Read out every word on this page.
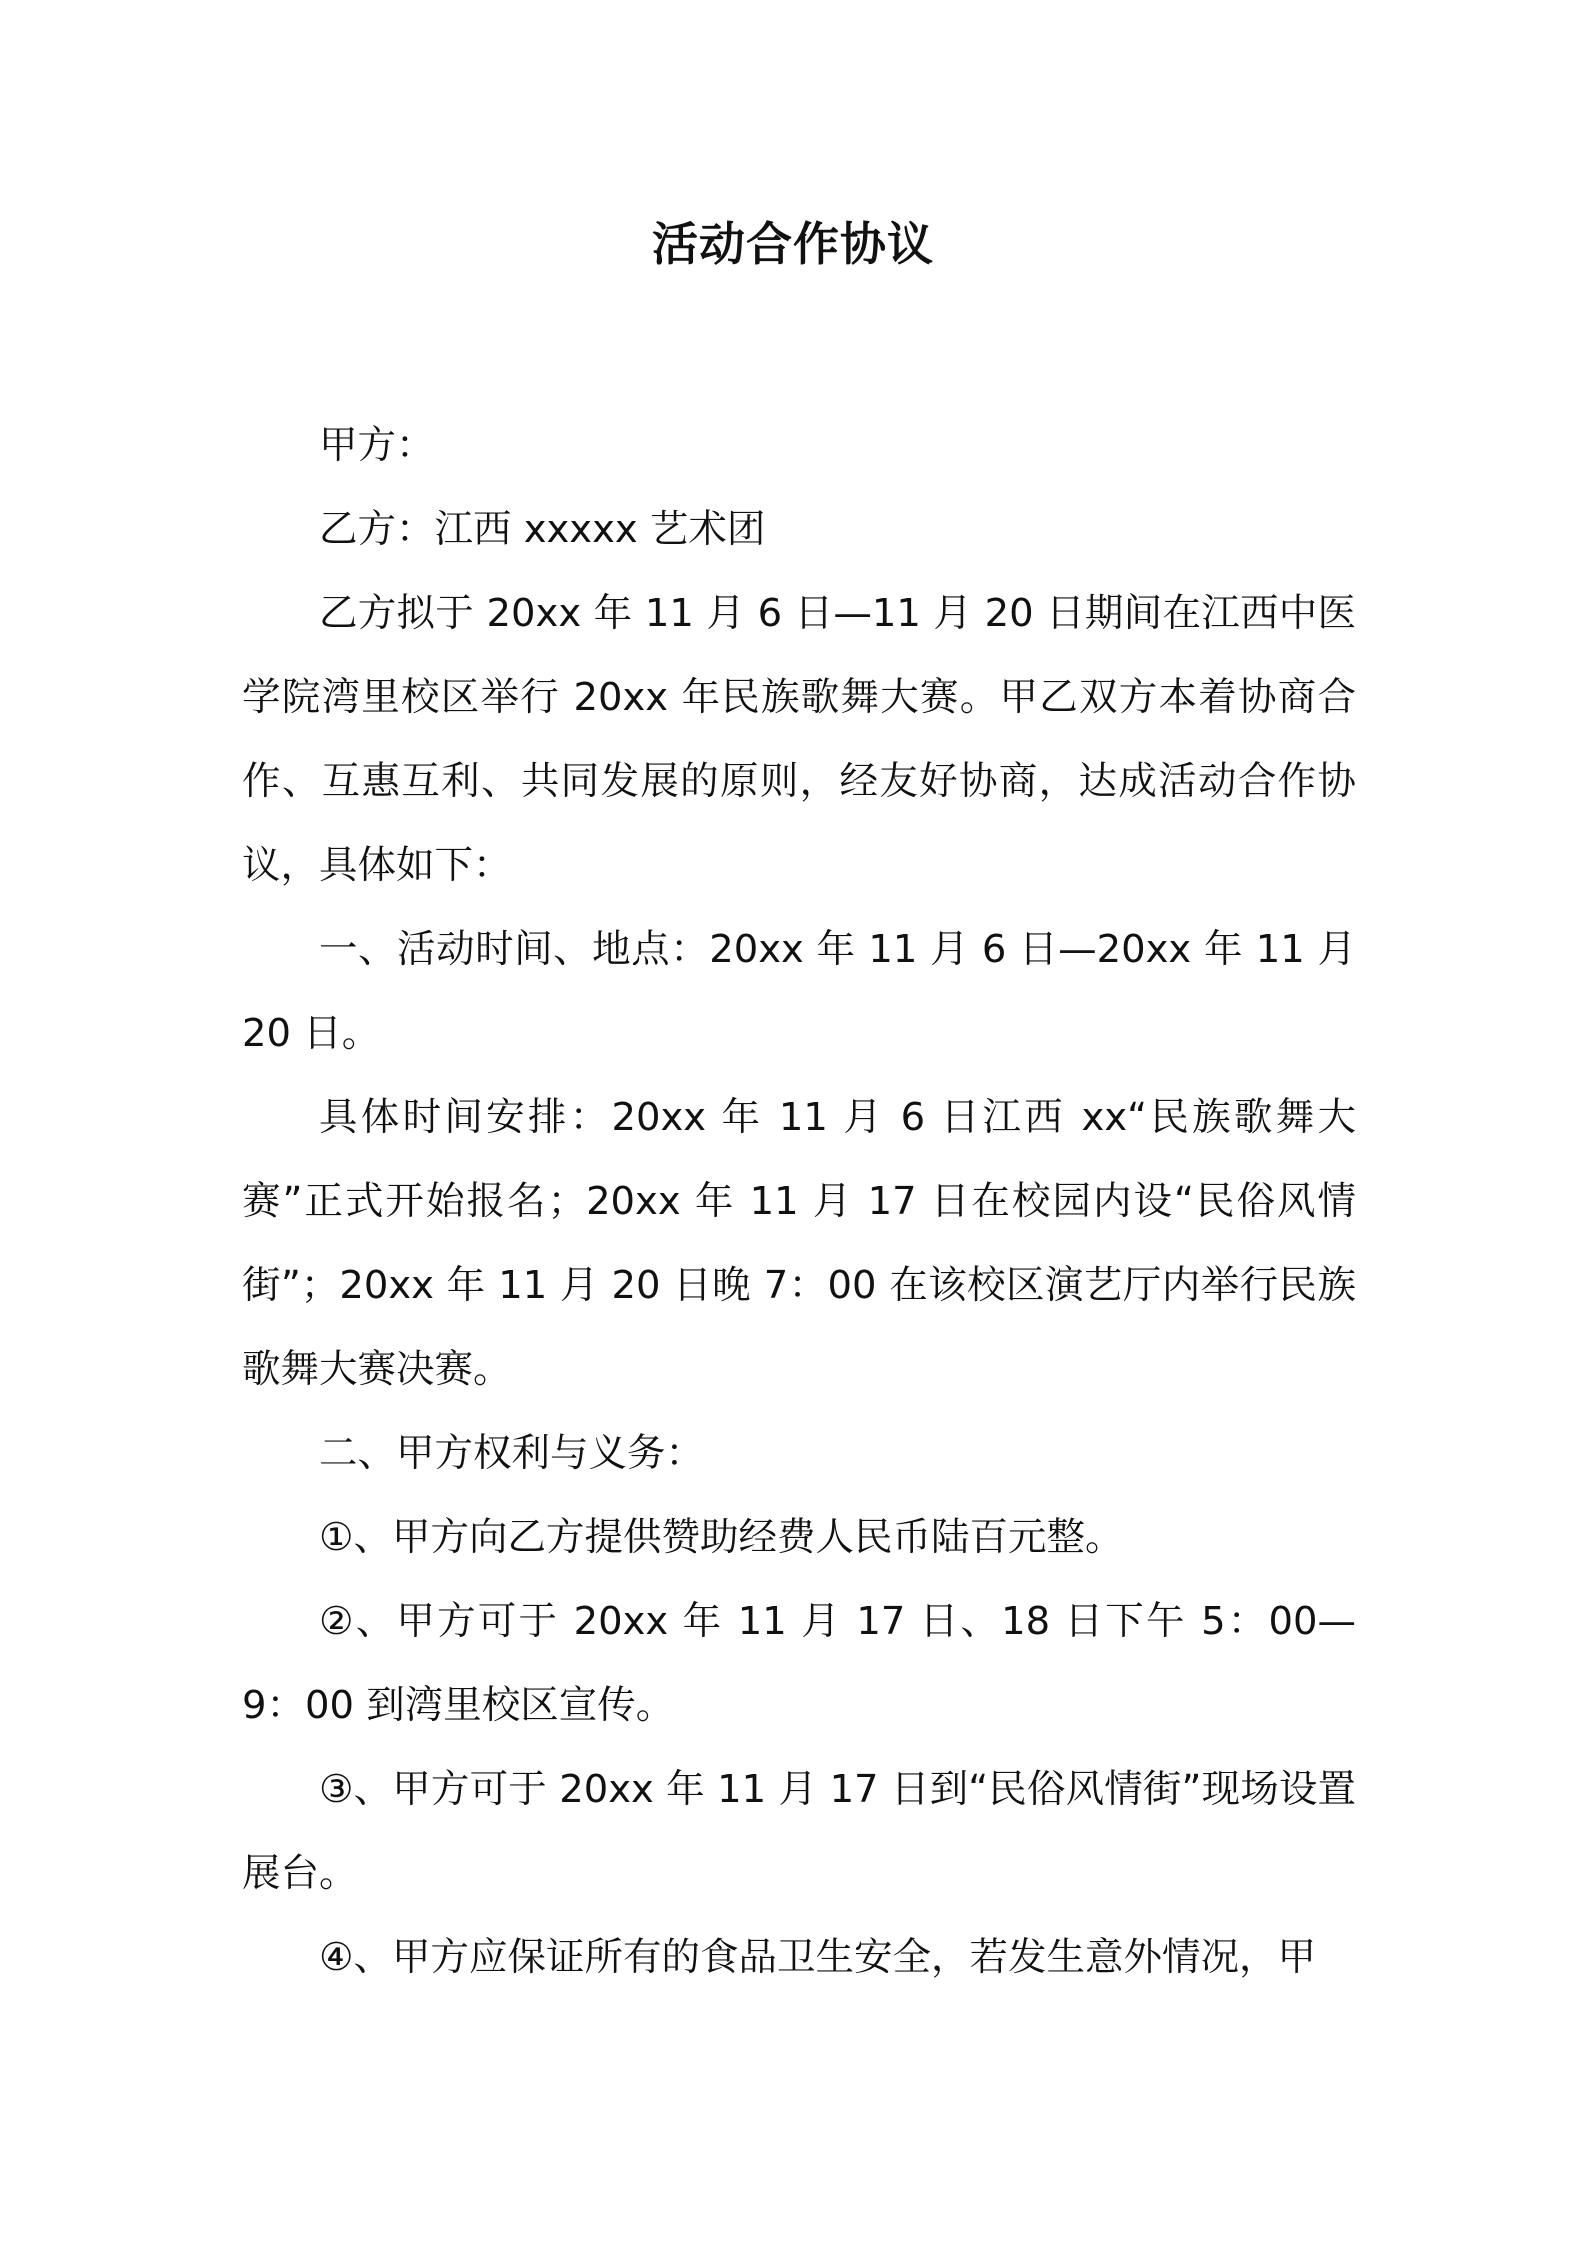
活动合作协议

甲方：

乙方：江西 xxxxx 艺术团

乙方拟于 20xx 年 11 月 6 日—11 月 20 日期间在江西中医学院湾里校区举行 20xx 年民族歌舞大赛。甲乙双方本着协商合作、互惠互利、共同发展的原则，经友好协商，达成活动合作协议，具体如下：

一、活动时间、地点：20xx 年 11 月 6 日—20xx 年 11 月 20 日。

具体时间安排：20xx 年 11 月 6 日江西 xx“民族歌舞大赛”正式开始报名；20xx 年 11 月 17 日在校园内设“民俗风情街”；20xx 年 11 月 20 日晚 7：00 在该校区演艺厅内举行民族歌舞大赛决赛。

二、甲方权利与义务：

①、甲方向乙方提供赞助经费人民币陆百元整。

②、甲方可于 20xx 年 11 月 17 日、18 日下午 5：00—9：00 到湾里校区宣传。

③、甲方可于 20xx 年 11 月 17 日到“民俗风情街”现场设置展台。

④、甲方应保证所有的食品卫生安全，若发生意外情况，甲
